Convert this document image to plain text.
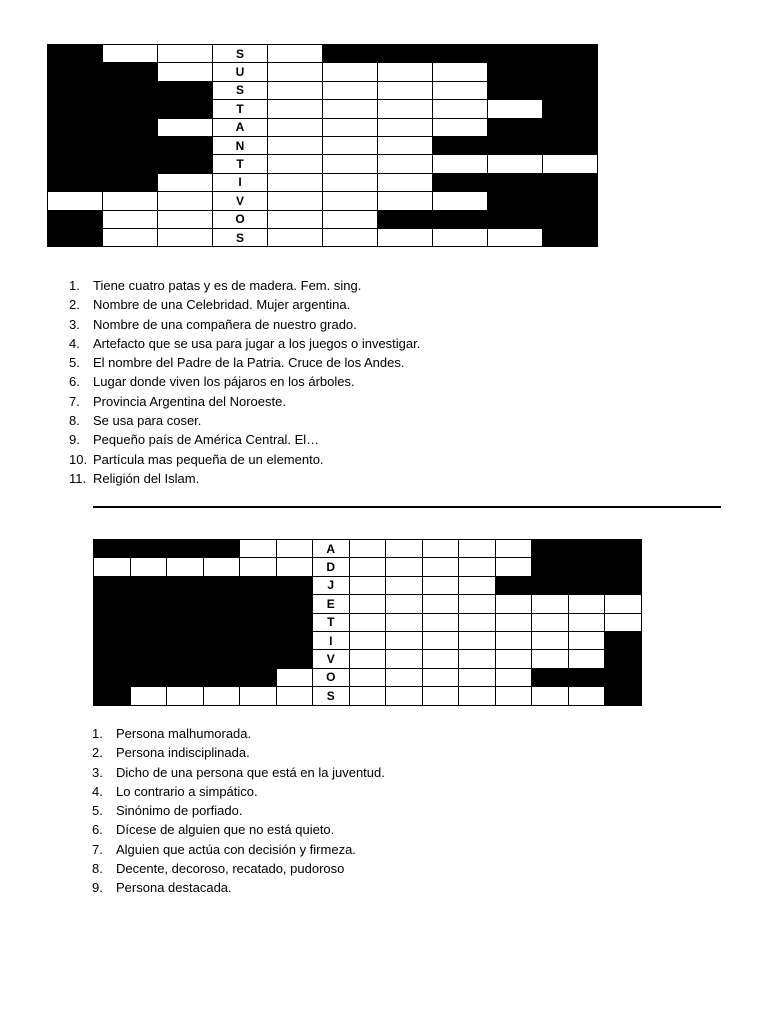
			S						
			U						
			S						
			T						
			A						
			N						
			T						
			I						
			V						
			O						
			S						
1.	Tiene cuatro patas y es de madera. Fem. sing.
2.	Nombre de una Celebridad. Mujer argentina.
3.	Nombre de una compañera de nuestro grado.
4.	Artefacto que se usa para jugar a los juegos o investigar.
5.	El nombre del Padre de la Patria. Cruce de los Andes.
6.	Lugar donde viven los pájaros en los árboles.
7.	Provincia Argentina del Noroeste.
8.	Se usa para coser.
9.	Pequeño país de América Central. El…
10. Partícula mas pequeña de un elemento.
11. Religión del Islam.
						A								
						D								
						J								
						E								
						T								
						I								
						V								
						O								
						S								
1.	Persona malhumorada.
2.	Persona indisciplinada.
3.	Dicho de una persona que está en la juventud.
4.	Lo contrario a simpático.
5.	Sinónimo de porfiado.
6.	Dícese de alguien que no está quieto.
7.	Alguien que actúa con decisión y firmeza.
8.	Decente, decoroso, recatado, pudoroso
9.	Persona destacada.
